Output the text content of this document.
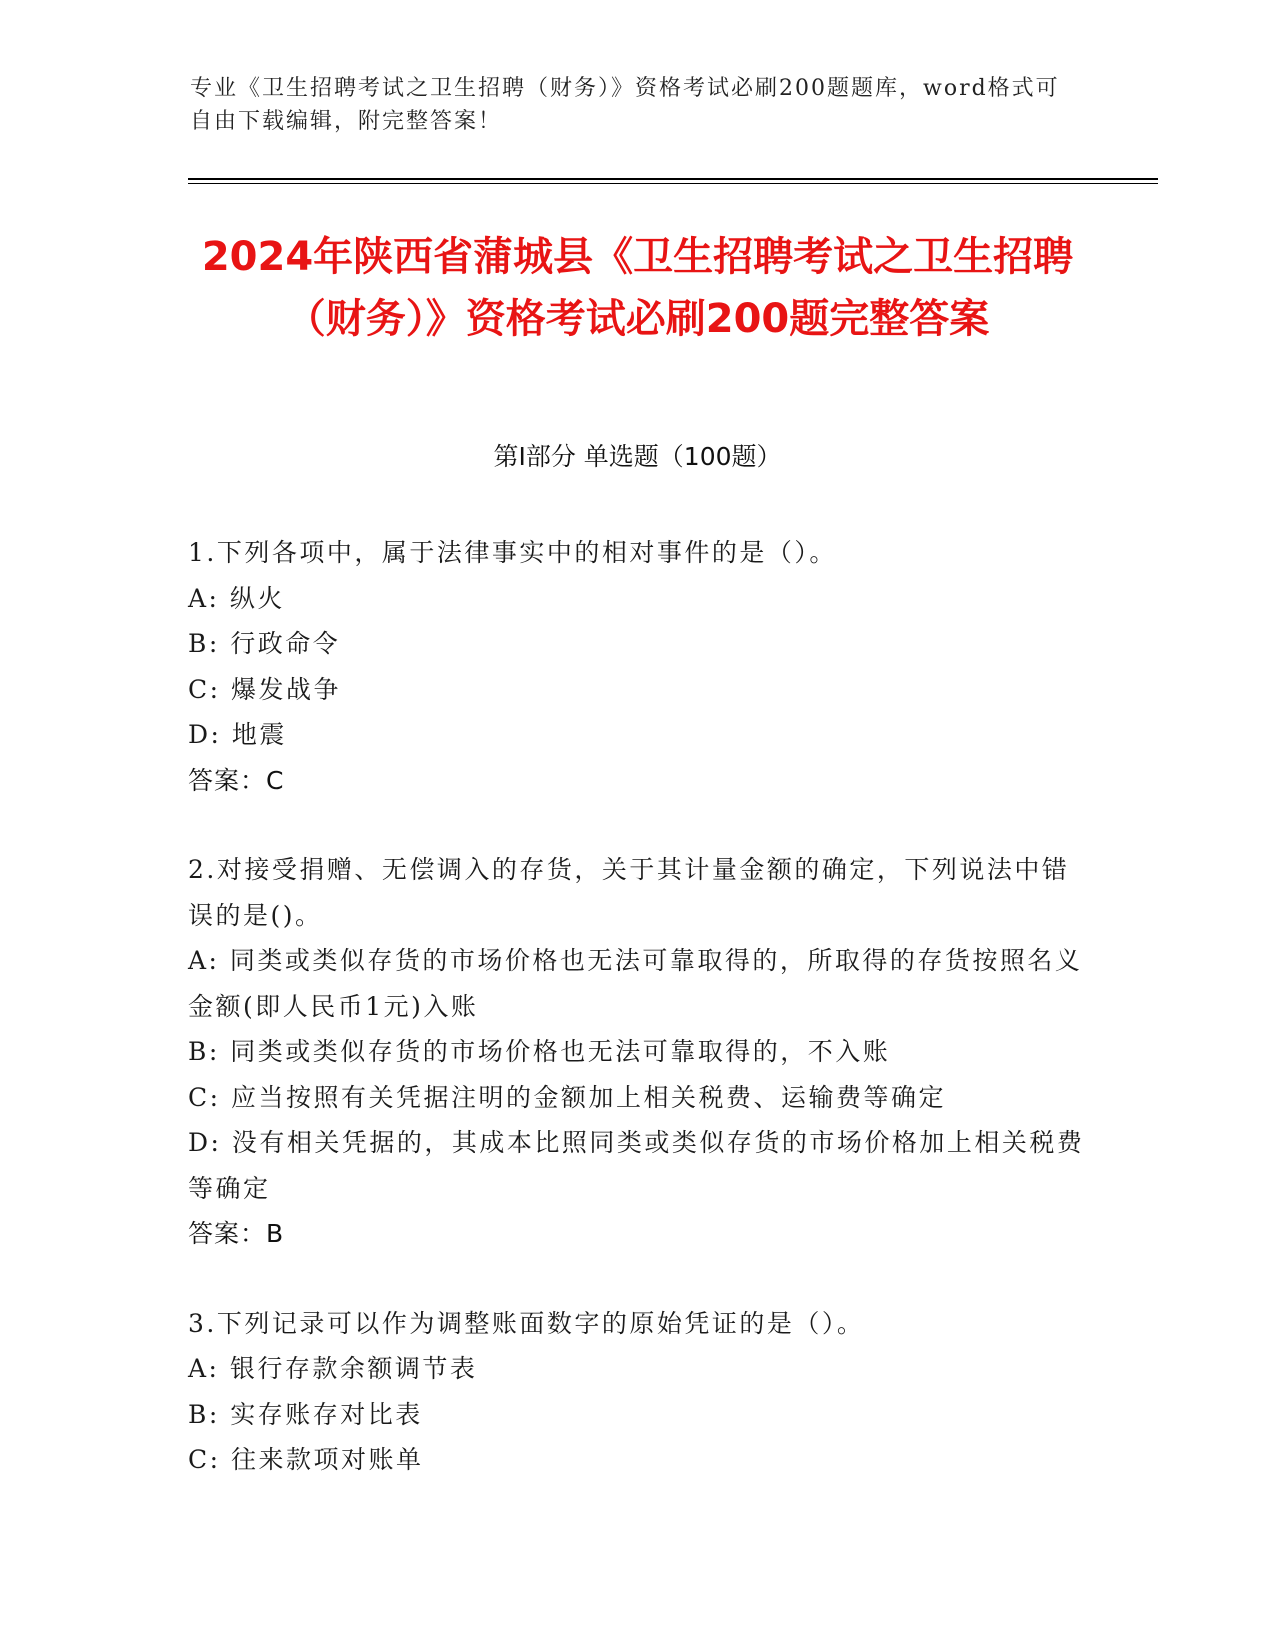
专业《卫生招聘考试之卫生招聘（财务）》资格考试必刷200题题库，word格式可自由下载编辑，附完整答案！
2024年陕西省蒲城县《卫生招聘考试之卫生招聘（财务）》资格考试必刷200题完整答案
第Ⅰ部分 单选题（100题）
1.下列各项中，属于法律事实中的相对事件的是（）。
A: 纵火
B: 行政命令
C: 爆发战争
D: 地震
答案：C
2.对接受捐赠、无偿调入的存货，关于其计量金额的确定，下列说法中错误的是()。
A: 同类或类似存货的市场价格也无法可靠取得的，所取得的存货按照名义金额(即人民币1元)入账
B: 同类或类似存货的市场价格也无法可靠取得的，不入账
C: 应当按照有关凭据注明的金额加上相关税费、运输费等确定
D: 没有相关凭据的，其成本比照同类或类似存货的市场价格加上相关税费等确定
答案：B
3.下列记录可以作为调整账面数字的原始凭证的是（）。
A: 银行存款余额调节表
B: 实存账存对比表
C: 往来款项对账单
